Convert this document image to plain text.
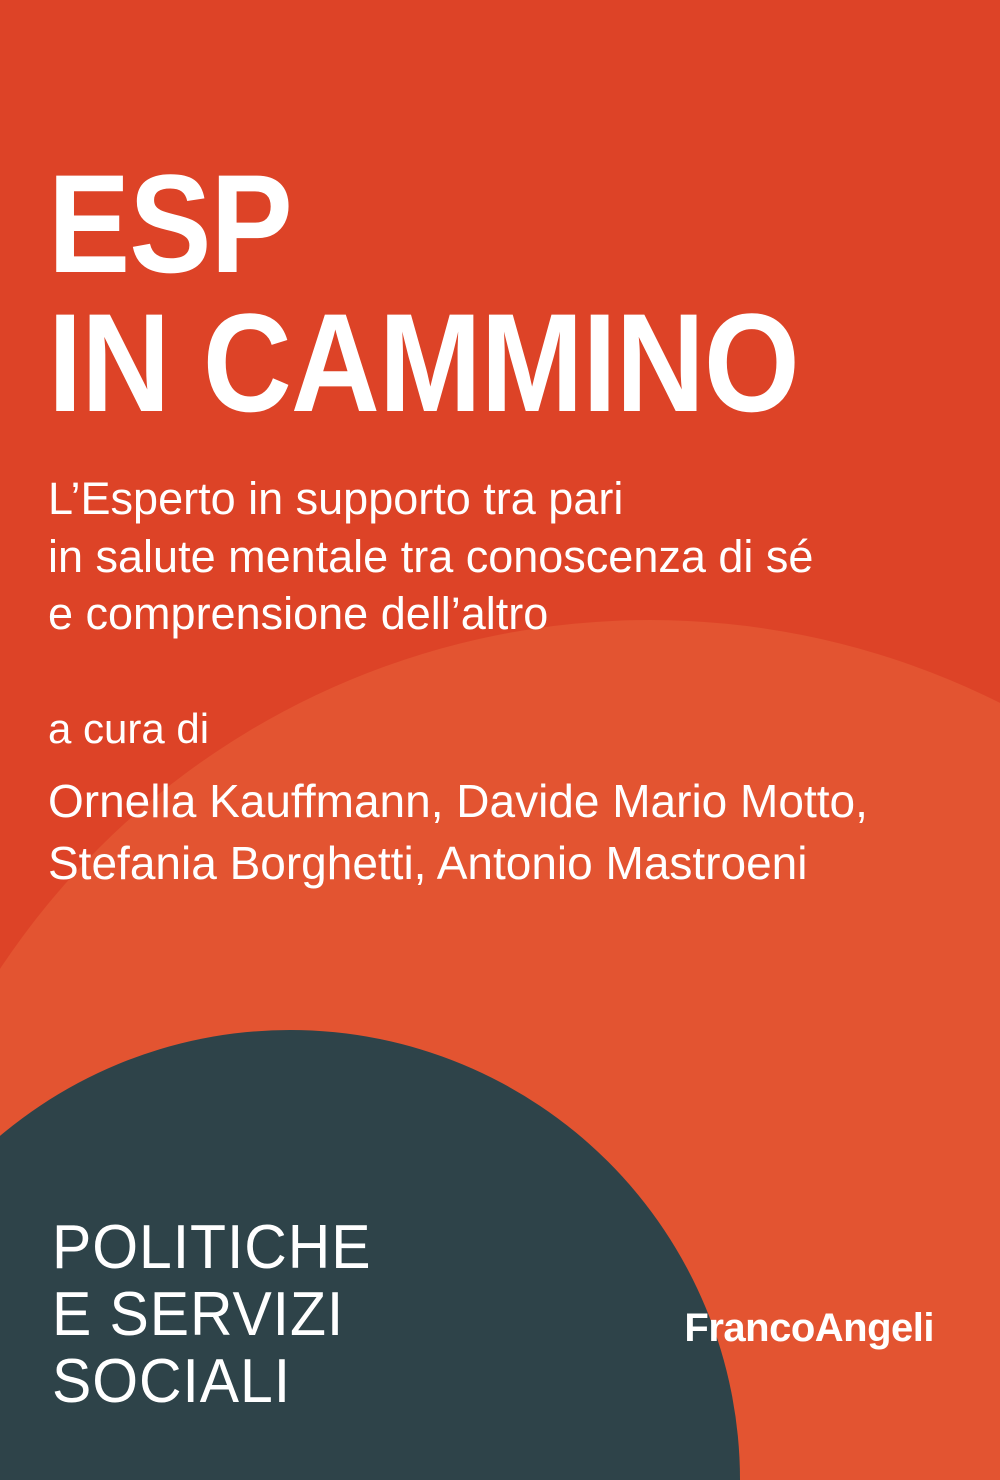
ESP
IN CAMMINO
L’Esperto in supporto tra pari
in salute mentale tra conoscenza di sé
e comprensione dell’altro
a cura di
Ornella Kauffmann, Davide Mario Motto,
Stefania Borghetti, Antonio Mastroeni
POLITICHE
E SERVIZI
SOCIALI
FrancoAngeli
